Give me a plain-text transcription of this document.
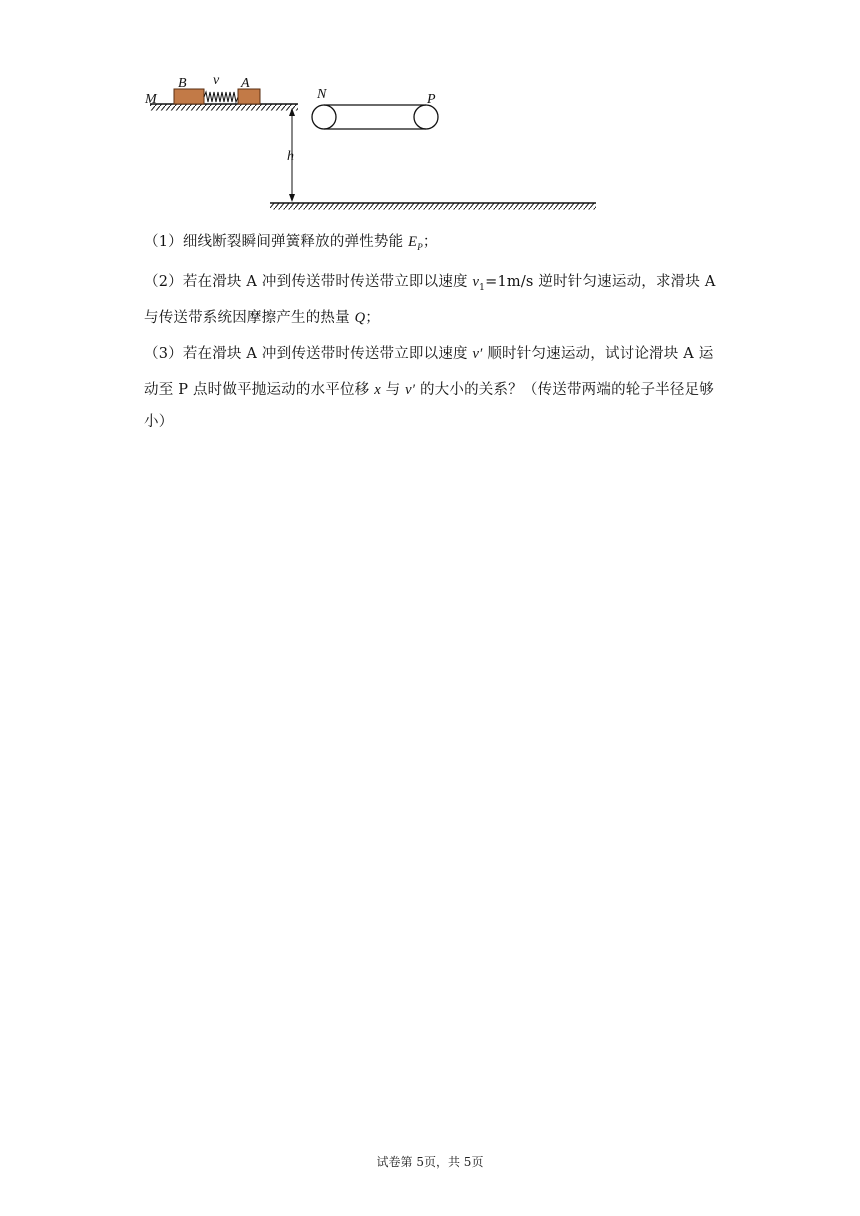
M
B v A
N	P
h
（1）细线断裂瞬间弹簧释放的弹性势能 $E_P$；
（2）若在滑块 A 冲到传送带时传送带立即以速度 $v_1=1m/s$ 逆时针匀速运动，求滑块 A
与传送带系统因摩擦产生的热量 Q；
（3）若在滑块 A 冲到传送带时传送带立即以速度 v′ 顺时针匀速运动，试讨论滑块 A 运
动至 P 点时做平抛运动的水平位移 x 与 v′ 的大小的关系？（传送带两端的轮子半径足够
小）
试卷第 5页，共 5页
